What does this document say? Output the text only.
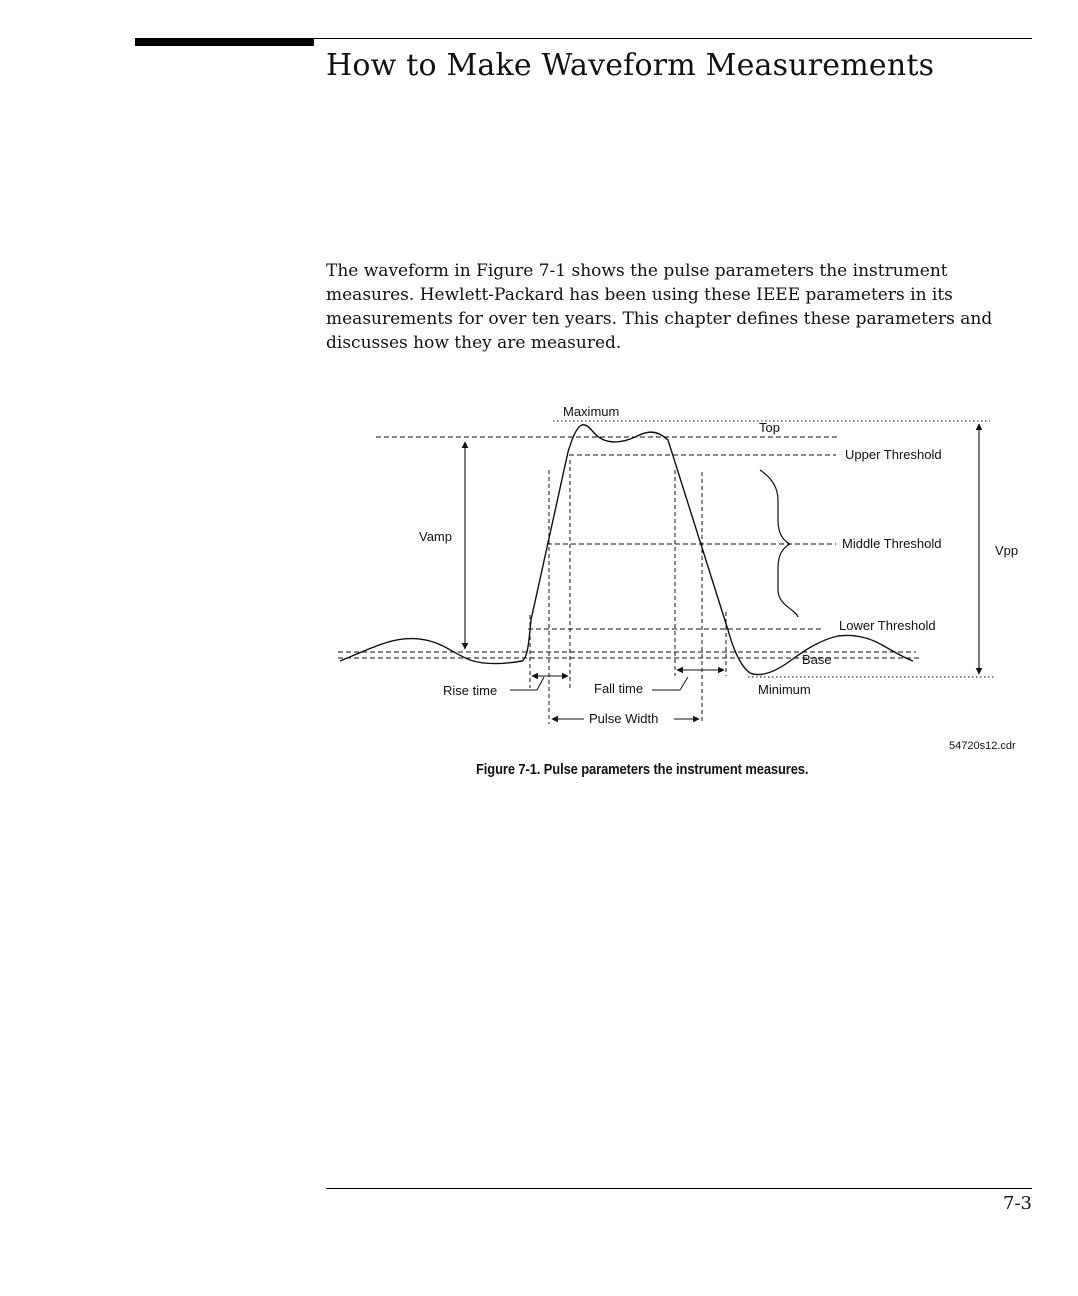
How to Make Waveform Measurements

The waveform in Figure 7-1 shows the pulse parameters the instrument
measures. Hewlett-Packard has been using these IEEE parameters in its
measurements for over ten years. This chapter defines these parameters and
discusses how they are measured.

Maximum
Top
Upper Threshold
Vamp	Middle Threshold	Vpp
Lower Threshold
Base
Minimum
Rise time	Fall time
Pulse Width
54720s12.cdr

Figure 7-1. Pulse parameters the instrument measures.

7-3
